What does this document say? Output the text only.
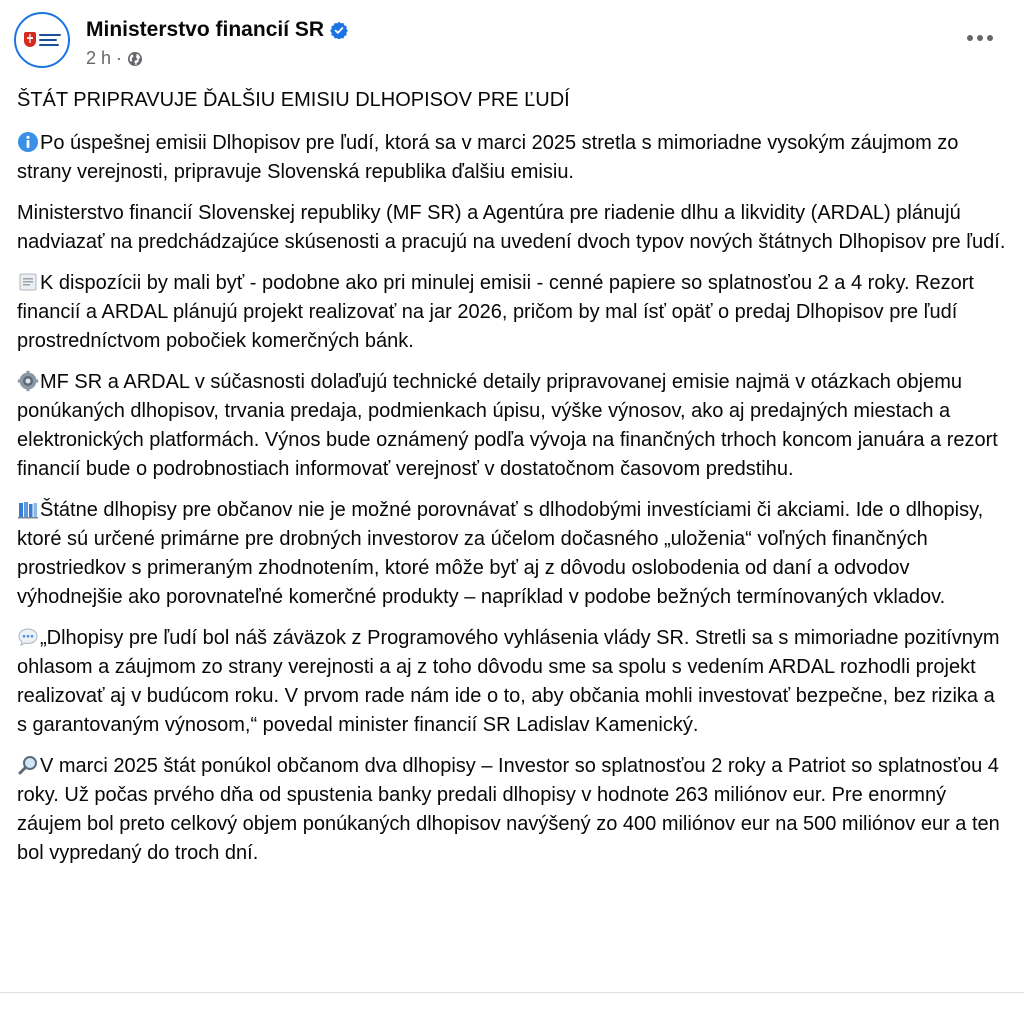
Ministerstvo financií SR
2 h ·

ŠTÁT PRIPRAVUJE ĎALŠIU EMISIU DLHOPISOV PRE ĽUDÍ

Po úspešnej emisii Dlhopisov pre ľudí, ktorá sa v marci 2025 stretla s mimoriadne vysokým záujmom zo strany verejnosti, pripravuje Slovenská republika ďalšiu emisiu.

Ministerstvo financií Slovenskej republiky (MF SR) a Agentúra pre riadenie dlhu a likvidity (ARDAL) plánujú nadviazať na predchádzajúce skúsenosti a pracujú na uvedení dvoch typov nových štátnych Dlhopisov pre ľudí.

K dispozícii by mali byť - podobne ako pri minulej emisii - cenné papiere so splatnosťou 2 a 4 roky. Rezort financií a ARDAL plánujú projekt realizovať na jar 2026, pričom by mal ísť opäť o predaj Dlhopisov pre ľudí prostredníctvom pobočiek komerčných bánk.

MF SR a ARDAL v súčasnosti dolaďujú technické detaily pripravovanej emisie najmä v otázkach objemu ponúkaných dlhopisov, trvania predaja, podmienkach úpisu, výške výnosov, ako aj predajných miestach a elektronických platformách. Výnos bude oznámený podľa vývoja na finančných trhoch koncom januára a rezort financií bude o podrobnostiach informovať verejnosť v dostatočnom časovom predstihu.

Štátne dlhopisy pre občanov nie je možné porovnávať s dlhodobými investíciami či akciami. Ide o dlhopisy, ktoré sú určené primárne pre drobných investorov za účelom dočasného „uloženia“ voľných finančných prostriedkov s primeraným zhodnotením, ktoré môže byť aj z dôvodu oslobodenia od daní a odvodov výhodnejšie ako porovnateľné komerčné produkty – napríklad v podobe bežných termínovaných vkladov.

„Dlhopisy pre ľudí bol náš záväzok z Programového vyhlásenia vlády SR. Stretli sa s mimoriadne pozitívnym ohlasom a záujmom zo strany verejnosti a aj z toho dôvodu sme sa spolu s vedením ARDAL rozhodli projekt realizovať aj v budúcom roku. V prvom rade nám ide o to, aby občania mohli investovať bezpečne, bez rizika a s garantovaným výnosom,“ povedal minister financií SR Ladislav Kamenický.

V marci 2025 štát ponúkol občanom dva dlhopisy – Investor so splatnosťou 2 roky a Patriot so splatnosťou 4 roky. Už počas prvého dňa od spustenia banky predali dlhopisy v hodnote 263 miliónov eur. Pre enormný záujem bol preto celkový objem ponúkaných dlhopisov navýšený zo 400 miliónov eur na 500 miliónov eur a ten bol vypredaný do troch dní.
